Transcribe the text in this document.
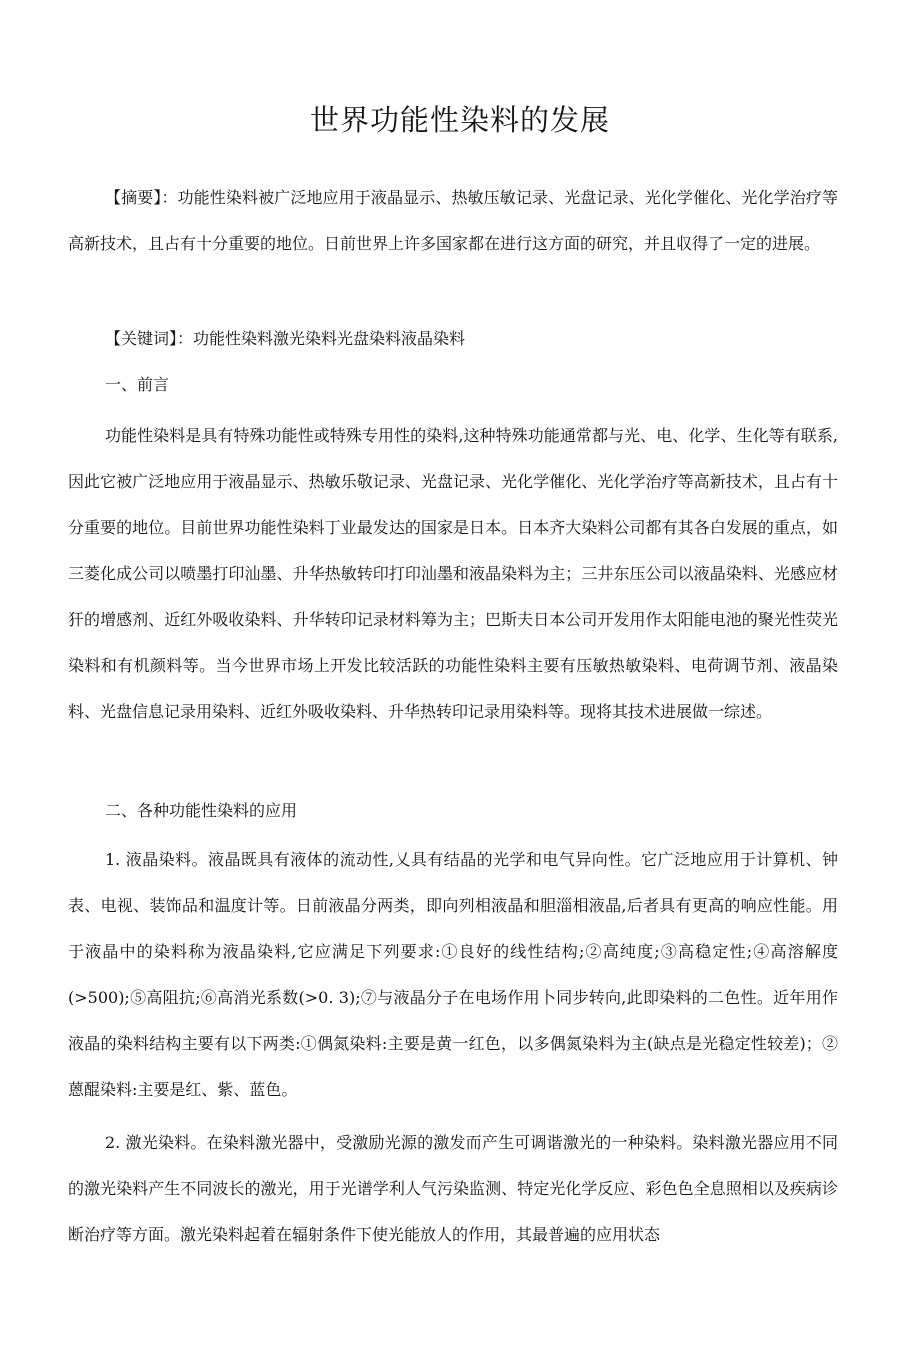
世界功能性染料的发展
【摘要】：功能性染料被广泛地应用于液晶显示、热敏压敏记录、光盘记录、光化学催化、光化学治疗等高新技术，且占有十分重要的地位。日前世界上许多国家都在进行这方面的研究，并且収得了一定的进展。
【关键词】：功能性染料激光染料光盘染料液晶染料
一、前言
功能性染料是具有特殊功能性或特殊专用性的染料,这种特殊功能通常都与光、电、化学、生化等有联系,因此它被广泛地应用于液晶显示、热敏乐敬记录、光盘记录、光化学催化、光化学治疗等高新技术，且占有十分重要的地位。目前世界功能性染料丁业最发达的国家是日本。日本齐大染料公司都有其各白发展的重点，如三菱化成公司以喷墨打印汕墨、升华热敏转印打印汕墨和液晶染料为主；三井东压公司以液晶染料、光感应材犴的增感剂、近红外吸收染料、升华转印记录材料筹为主；巴斯夫日本公司开发用作太阳能电池的聚光性荧光染料和有机颜料等。当今世界市场上开发比较活跃的功能性染料主要有压敏热敏染料、电荷调节剂、液晶染料、光盘信息记录用染料、近红外吸收染料、升华热转印记录用染料等。现将其技术进展做一综述。
二、各种功能性染料的应用
1. 液晶染料。液晶既具有液体的流动性,乂具有结晶的光学和电气异向性。它广泛地应用于计算机、钟表、电视、装饰品和温度计等。日前液晶分两类，即向列相液晶和胆淄相液晶,后者具有更高的响应性能。用于液晶中的染料称为液晶染料,它应满足下列要求:①良好的线性结构;②高纯度;③高稳定性;④高溶解度(>500);⑤高阻抗;⑥高消光系数(>0. 3);⑦与液晶分子在电场作用卜同步转向,此即染料的二色性。近年用作液晶的染料结构主要有以下两类:①偶氮染料:主要是黄一红色，以多偶氮染料为主(缺点是光稳定性较差)；②蒽醌染料:主要是红、紫、蓝色。
2. 激光染料。在染料激光器中，受激励光源的激发而产生可调谐激光的一种染料。染料激光器应用不同的激光染料产生不同波长的激光，用于光谱学利人气污染监测、特定光化学反应、彩色色全息照相以及疾病诊断治疗等方面。激光染料起着在辐射条件下使光能放人的作用，其最普遍的应用状态
